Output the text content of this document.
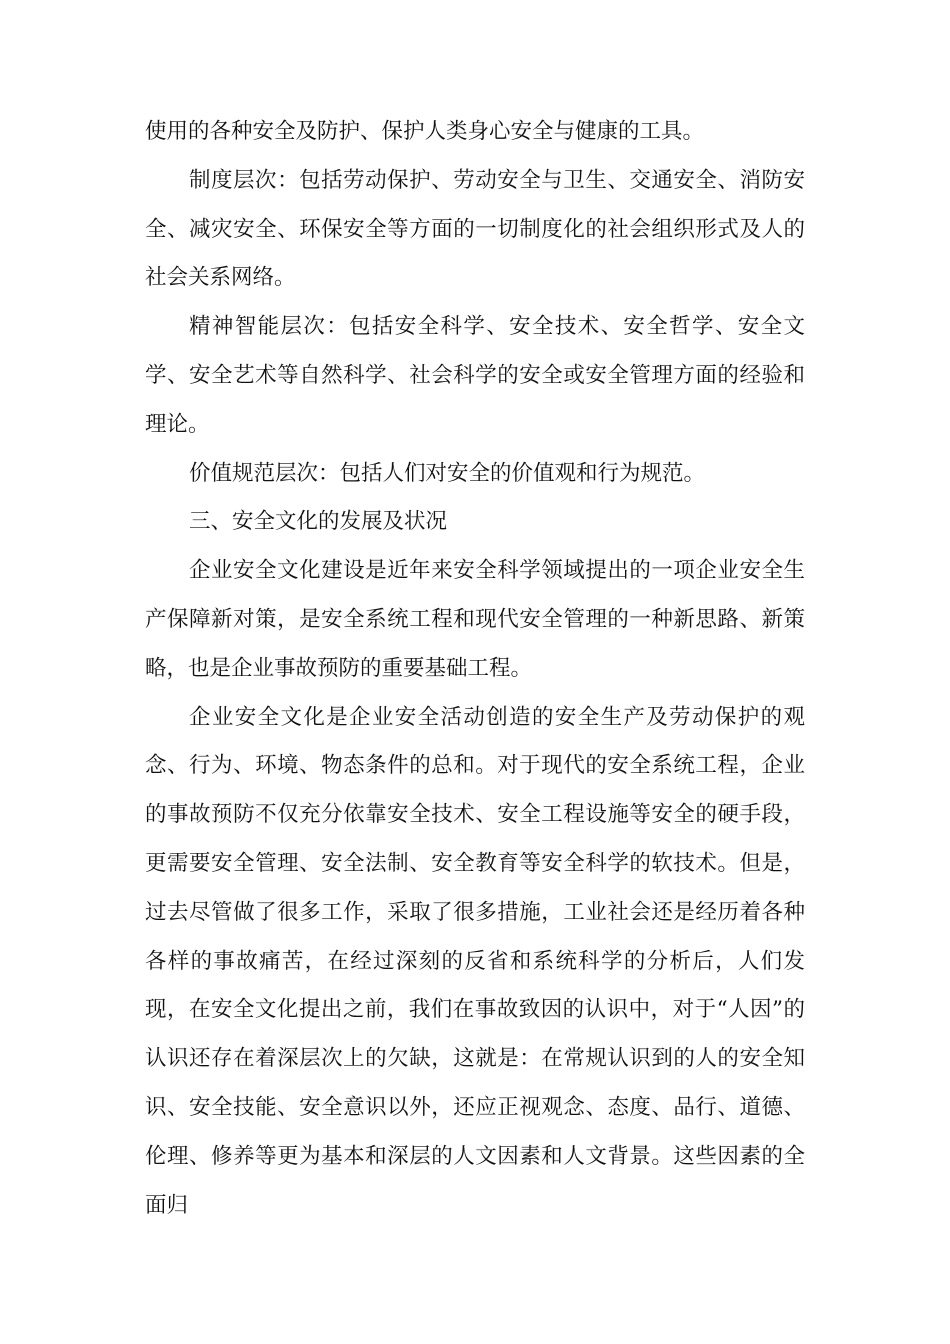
使用的各种安全及防护、保护人类身心安全与健康的工具。

制度层次：包括劳动保护、劳动安全与卫生、交通安全、消防安全、减灾安全、环保安全等方面的一切制度化的社会组织形式及人的社会关系网络。

精神智能层次：包括安全科学、安全技术、安全哲学、安全文学、安全艺术等自然科学、社会科学的安全或安全管理方面的经验和理论。

价值规范层次：包括人们对安全的价值观和行为规范。

三、安全文化的发展及状况

企业安全文化建设是近年来安全科学领域提出的一项企业安全生产保障新对策，是安全系统工程和现代安全管理的一种新思路、新策略，也是企业事故预防的重要基础工程。

企业安全文化是企业安全活动创造的安全生产及劳动保护的观念、行为、环境、物态条件的总和。对于现代的安全系统工程，企业的事故预防不仅充分依靠安全技术、安全工程设施等安全的硬手段，更需要安全管理、安全法制、安全教育等安全科学的软技术。但是，过去尽管做了很多工作，采取了很多措施，工业社会还是经历着各种各样的事故痛苦，在经过深刻的反省和系统科学的分析后，人们发现，在安全文化提出之前，我们在事故致因的认识中，对于“人因”的认识还存在着深层次上的欠缺，这就是：在常规认识到的人的安全知识、安全技能、安全意识以外，还应正视观念、态度、品行、道德、伦理、修养等更为基本和深层的人文因素和人文背景。这些因素的全面归
